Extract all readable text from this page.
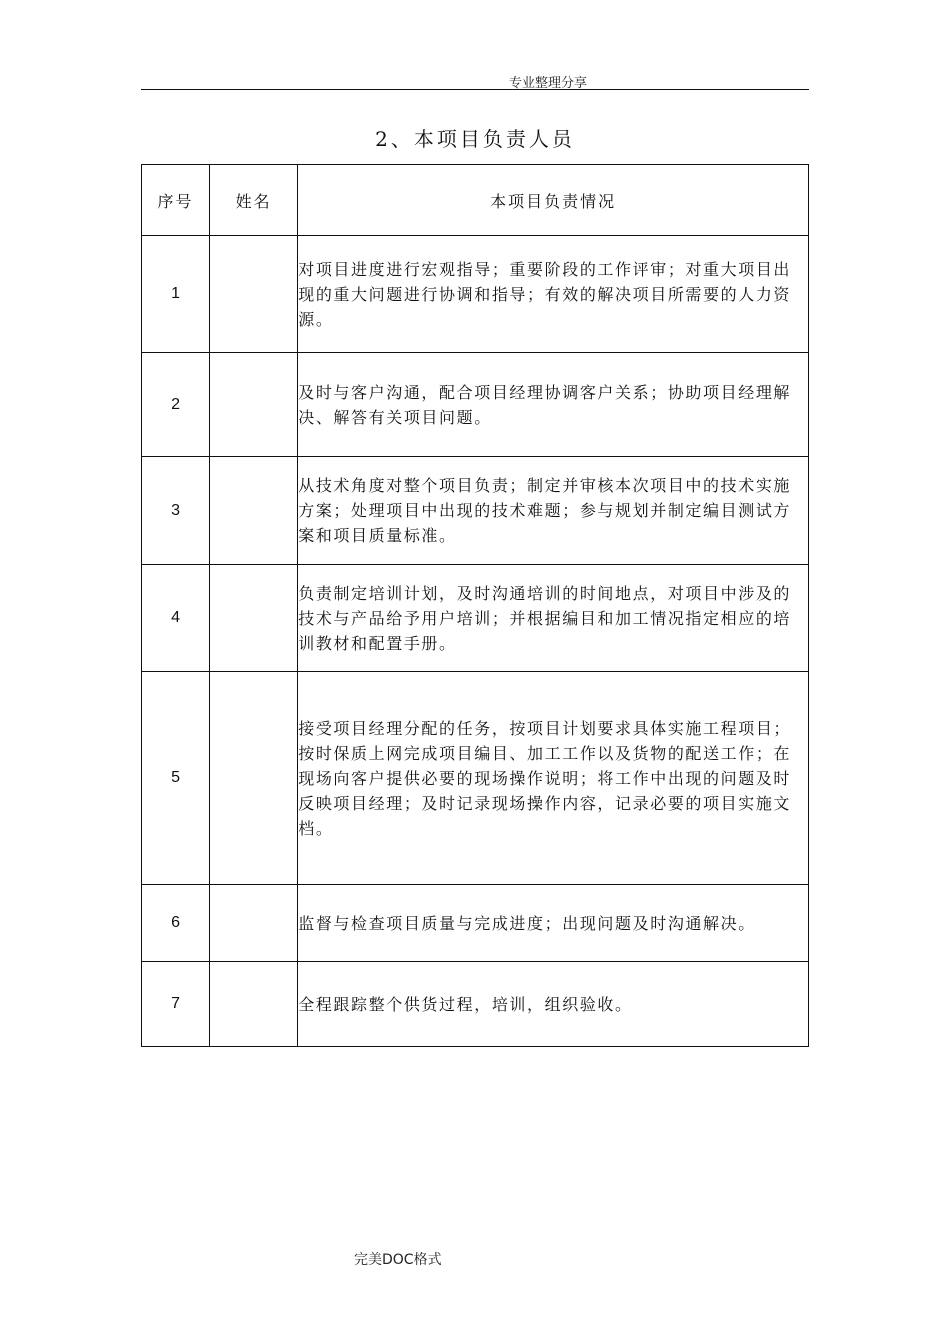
专业整理分享
2、本项目负责人员
序号	姓名	本项目负责情况
1		对项目进度进行宏观指导；重要阶段的工作评审；对重大项目出现的重大问题进行协调和指导；有效的解决项目所需要的人力资源。
2		及时与客户沟通，配合项目经理协调客户关系；协助项目经理解决、解答有关项目问题。
3		从技术角度对整个项目负责；制定并审核本次项目中的技术实施方案；处理项目中出现的技术难题；参与规划并制定编目测试方案和项目质量标准。
4		负责制定培训计划，及时沟通培训的时间地点，对项目中涉及的技术与产品给予用户培训；并根据编目和加工情况指定相应的培训教材和配置手册。
5		接受项目经理分配的任务，按项目计划要求具体实施工程项目；按时保质上网完成项目编目、加工工作以及货物的配送工作；在现场向客户提供必要的现场操作说明；将工作中出现的问题及时反映项目经理；及时记录现场操作内容，记录必要的项目实施文档。
6		监督与检查项目质量与完成进度；出现问题及时沟通解决。
7		全程跟踪整个供货过程，培训，组织验收。
完美DOC格式
